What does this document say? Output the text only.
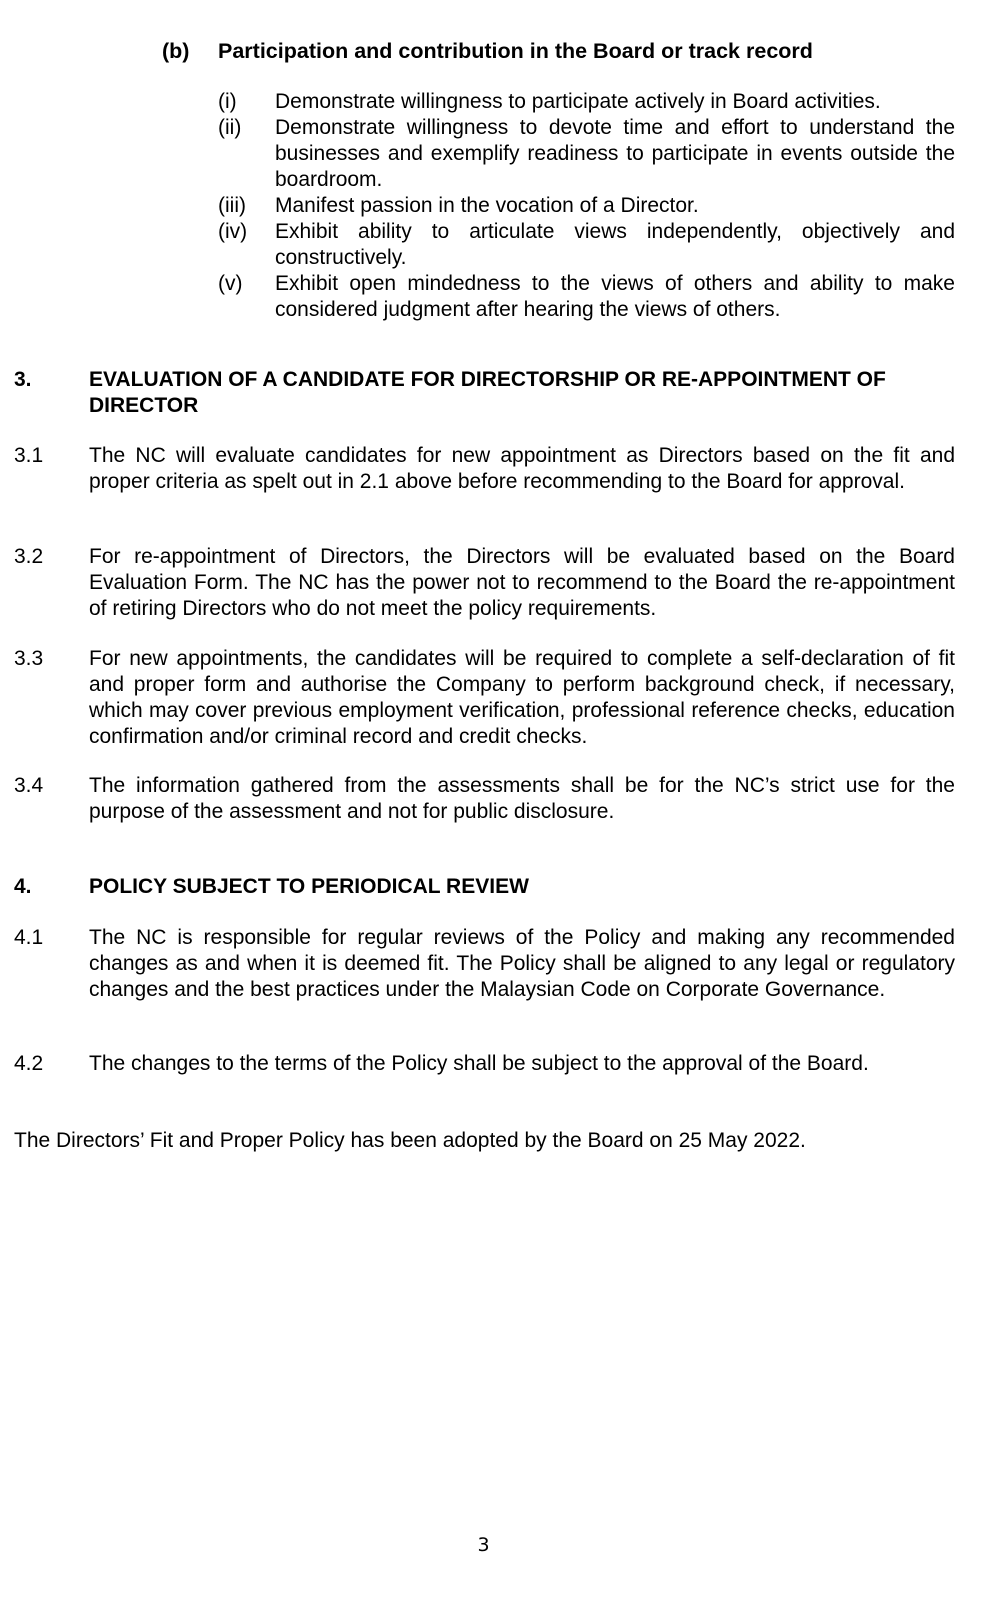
(b) Participation and contribution in the Board or track record
(i)	Demonstrate willingness to participate actively in Board activities.
(ii)	Demonstrate willingness to devote time and effort to understand the businesses and exemplify readiness to participate in events outside the boardroom.
(iii)	Manifest passion in the vocation of a Director.
(iv)	Exhibit ability to articulate views independently, objectively and constructively.
(v)	Exhibit open mindedness to the views of others and ability to make considered judgment after hearing the views of others.
3.	EVALUATION OF A CANDIDATE FOR DIRECTORSHIP OR RE-APPOINTMENT OF DIRECTOR
3.1	The NC will evaluate candidates for new appointment as Directors based on the fit and proper criteria as spelt out in 2.1 above before recommending to the Board for approval.
3.2	For re-appointment of Directors, the Directors will be evaluated based on the Board Evaluation Form. The NC has the power not to recommend to the Board the re-appointment of retiring Directors who do not meet the policy requirements.
3.3	For new appointments, the candidates will be required to complete a self-declaration of fit and proper form and authorise the Company to perform background check, if necessary, which may cover previous employment verification, professional reference checks, education confirmation and/or criminal record and credit checks.
3.4	The information gathered from the assessments shall be for the NC’s strict use for the purpose of the assessment and not for public disclosure.
4.	POLICY SUBJECT TO PERIODICAL REVIEW
4.1	The NC is responsible for regular reviews of the Policy and making any recommended changes as and when it is deemed fit. The Policy shall be aligned to any legal or regulatory changes and the best practices under the Malaysian Code on Corporate Governance.
4.2	The changes to the terms of the Policy shall be subject to the approval of the Board.
The Directors’ Fit and Proper Policy has been adopted by the Board on 25 May 2022.
3
